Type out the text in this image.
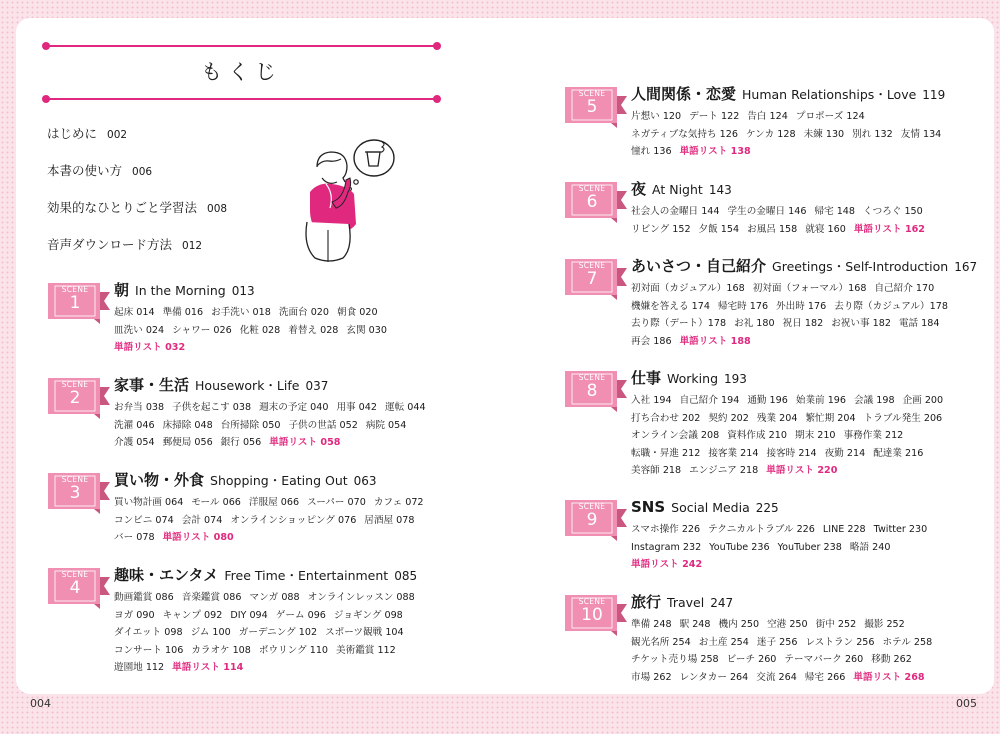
もくじ
はじめに 002
本書の使い方 006
効果的なひとりごと学習法 008
音声ダウンロード方法 012
SCENE
1
朝 In the Morning 013
起床 014 準備 016 お手洗い 018 洗面台 020 朝食 020
皿洗い 024 シャワー 026 化粧 028 着替え 028 玄関 030
単語リスト 032
SCENE
2
家事・生活 Housework・Life 037
お弁当 038 子供を起こす 038 週末の予定 040 用事 042 運転 044
洗濯 046 床掃除 048 台所掃除 050 子供の世話 052 病院 054
介護 054 郵便局 056 銀行 056 単語リスト 058
SCENE
3
買い物・外食 Shopping・Eating Out 063
買い物計画 064 モール 066 洋服屋 066 スーパー 070 カフェ 072
コンビニ 074 会計 074 オンラインショッピング 076 居酒屋 078
バー 078 単語リスト 080
SCENE
4
趣味・エンタメ Free Time・Entertainment 085
動画鑑賞 086 音楽鑑賞 086 マンガ 088 オンラインレッスン 088
ヨガ 090 キャンプ 092 DIY 094 ゲーム 096 ジョギング 098
ダイエット 098 ジム 100 ガーデニング 102 スポーツ観戦 104
コンサート 106 カラオケ 108 ボウリング 110 美術鑑賞 112
遊園地 112 単語リスト 114
SCENE
5
人間関係・恋愛 Human Relationships・Love 119
片想い 120 デート 122 告白 124 プロポーズ 124
ネガティブな気持ち 126 ケンカ 128 未練 130 別れ 132 友情 134
憧れ 136 単語リスト 138
SCENE
6
夜 At Night 143
社会人の金曜日 144 学生の金曜日 146 帰宅 148 くつろぐ 150
リビング 152 夕飯 154 お風呂 158 就寝 160 単語リスト 162
SCENE
7
あいさつ・自己紹介 Greetings・Self-Introduction 167
初対面（カジュアル）168 初対面（フォーマル）168 自己紹介 170
機嫌を答える 174 帰宅時 176 外出時 176 去り際（カジュアル）178
去り際（デート）178 お礼 180 祝日 182 お祝い事 182 電話 184
再会 186 単語リスト 188
SCENE
8
仕事 Working 193
入社 194 自己紹介 194 通勤 196 始業前 196 会議 198 企画 200
打ち合わせ 202 契約 202 残業 204 繁忙期 204 トラブル発生 206
オンライン会議 208 資料作成 210 期末 210 事務作業 212
転職・昇進 212 接客業 214 接客時 214 夜勤 214 配達業 216
美容師 218 エンジニア 218 単語リスト 220
SCENE
9
SNS Social Media 225
スマホ操作 226 テクニカルトラブル 226 LINE 228 Twitter 230
Instagram 232 YouTube 236 YouTuber 238 略語 240
単語リスト 242
SCENE
10
旅行 Travel 247
準備 248 駅 248 機内 250 空港 250 街中 252 撮影 252
観光名所 254 お土産 254 迷子 256 レストラン 256 ホテル 258
チケット売り場 258 ビーチ 260 テーマパーク 260 移動 262
市場 262 レンタカー 264 交流 264 帰宅 266 単語リスト 268
004	005
